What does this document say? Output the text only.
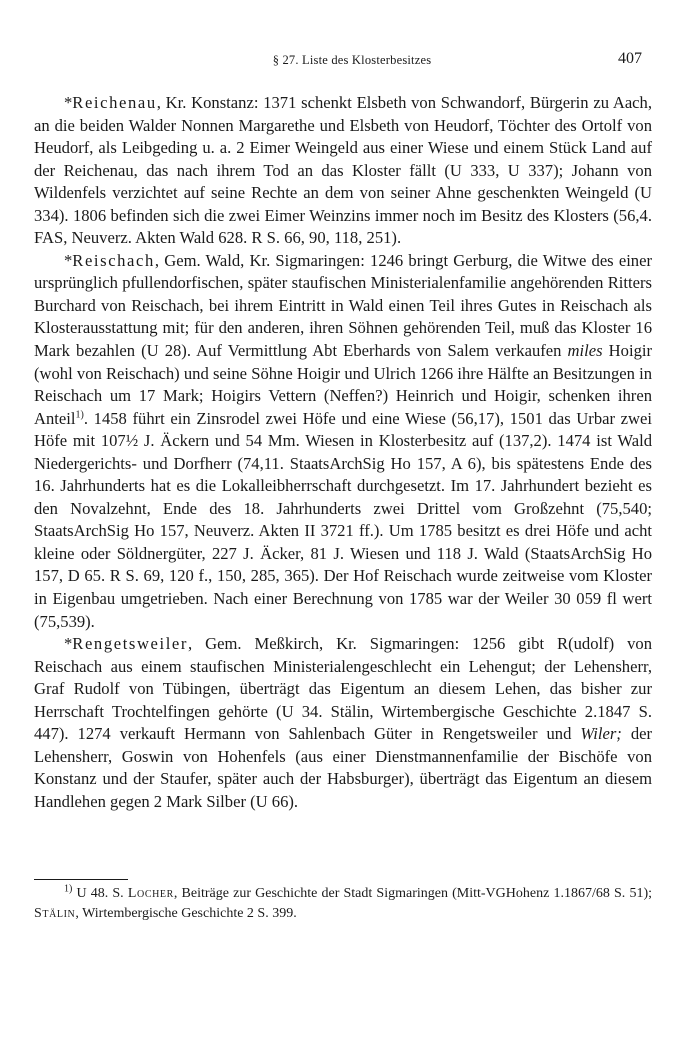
§ 27. Liste des Klosterbesitzes	407

*Reichenau, Kr. Konstanz: 1371 schenkt Elsbeth von Schwandorf, Bürgerin zu Aach, an die beiden Walder Nonnen Margarethe und Elsbeth von Heudorf, Töchter des Ortolf von Heudorf, als Leibgeding u. a. 2 Eimer Weingeld aus einer Wiese und einem Stück Land auf der Reichenau, das nach ihrem Tod an das Kloster fällt (U 333, U 337); Johann von Wildenfels verzichtet auf seine Rechte an dem von seiner Ahne geschenkten Weingeld (U 334). 1806 befinden sich die zwei Eimer Weinzins immer noch im Besitz des Klosters (56,4. FAS, Neuverz. Akten Wald 628. R S. 66, 90, 118, 251).

*Reischach, Gem. Wald, Kr. Sigmaringen: 1246 bringt Gerburg, die Witwe des einer ursprünglich pfullendorfischen, später staufischen Ministerialenfamilie angehörenden Ritters Burchard von Reischach, bei ihrem Eintritt in Wald einen Teil ihres Gutes in Reischach als Klosterausstattung mit; für den anderen, ihren Söhnen gehörenden Teil, muß das Kloster 16 Mark bezahlen (U 28). Auf Vermittlung Abt Eberhards von Salem verkaufen miles Hoigir (wohl von Reischach) und seine Söhne Hoigir und Ulrich 1266 ihre Hälfte an Besitzungen in Reischach um 17 Mark; Hoigirs Vettern (Neffen?) Heinrich und Hoigir, schenken ihren Anteil$^{1)}$. 1458 führt ein Zinsrodel zwei Höfe und eine Wiese (56,17), 1501 das Urbar zwei Höfe mit 107½ J. Äckern und 54 Mm. Wiesen in Klosterbesitz auf (137,2). 1474 ist Wald Niedergerichts- und Dorfherr (74,11. StaatsArchSig Ho 157, A 6), bis spätestens Ende des 16. Jahrhunderts hat es die Lokalleibherrschaft durchgesetzt. Im 17. Jahrhundert bezieht es den Novalzehnt, Ende des 18. Jahrhunderts zwei Drittel vom Großzehnt (75,540; StaatsArchSig Ho 157, Neuverz. Akten II 3721 ff.). Um 1785 besitzt es drei Höfe und acht kleine oder Söldnergüter, 227 J. Äcker, 81 J. Wiesen und 118 J. Wald (StaatsArchSig Ho 157, D 65. R S. 69, 120 f., 150, 285, 365). Der Hof Reischach wurde zeitweise vom Kloster in Eigenbau umgetrieben. Nach einer Berechnung von 1785 war der Weiler 30 059 fl wert (75,539).

*Rengetsweiler, Gem. Meßkirch, Kr. Sigmaringen: 1256 gibt R(udolf) von Reischach aus einem staufischen Ministerialengeschlecht ein Lehengut; der Lehensherr, Graf Rudolf von Tübingen, überträgt das Eigentum an diesem Lehen, das bisher zur Herrschaft Trochtelfingen gehörte (U 34. Stälin, Wirtembergische Geschichte 2.1847 S. 447). 1274 verkauft Hermann von Sahlenbach Güter in Rengetsweiler und Wiler; der Lehensherr, Goswin von Hohenfels (aus einer Dienstmannenfamilie der Bischöfe von Konstanz und der Staufer, später auch der Habsburger), überträgt das Eigentum an diesem Handlehen gegen 2 Mark Silber (U 66).

$^{1)}$ U 48. S. Locher, Beiträge zur Geschichte der Stadt Sigmaringen (Mitt-VGHohenz 1.1867/68 S. 51); Stälin, Wirtembergische Geschichte 2 S. 399.
